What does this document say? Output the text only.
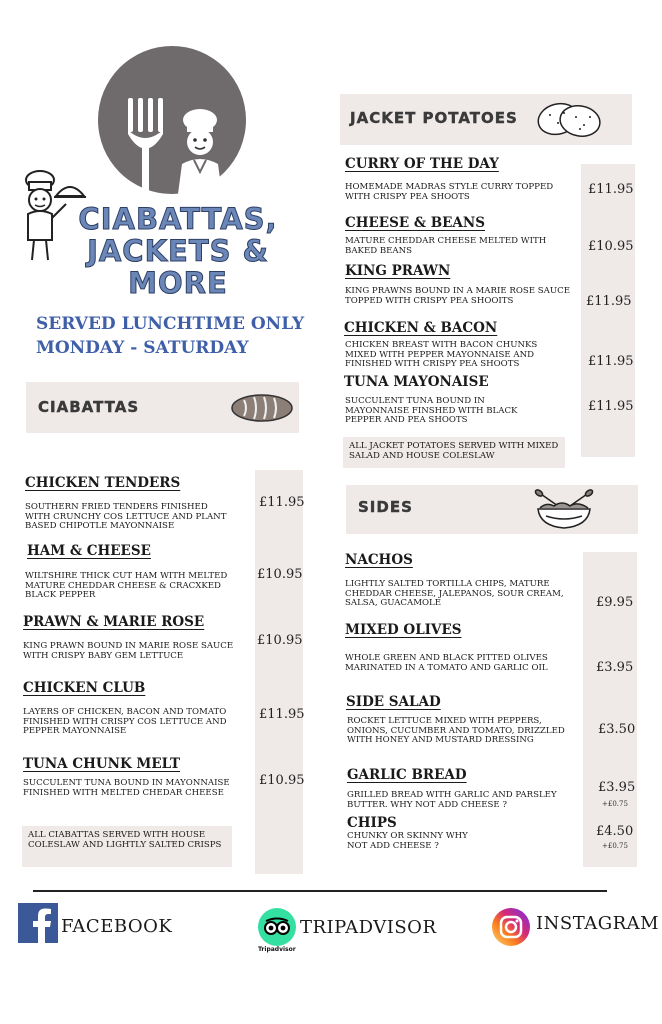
CIABATTAS,
JACKETS &
MORE
SERVED LUNCHTIME ONLY
MONDAY - SATURDAY
CIABATTAS
CHICKEN TENDERS
SOUTHERN FRIED TENDERS FINISHED WITH CRUNCHY COS LETTUCE AND PLANT BASED CHIPOTLE MAYONNAISE
£11.95
HAM & CHEESE
WILTSHIRE THICK CUT HAM WITH MELTED MATURE CHEDDAR CHEESE & CRACXKED BLACK PEPPER
£10.95
PRAWN & MARIE ROSE
KING PRAWN BOUND IN MARIE ROSE SAUCE WITH CRISPY BABY GEM LETTUCE
£10.95
CHICKEN CLUB
LAYERS OF CHICKEN, BACON AND TOMATO FINISHED WITH CRISPY COS LETTUCE AND PEPPER MAYONNAISE
£11.95
TUNA CHUNK MELT
SUCCULENT TUNA BOUND IN MAYONNAISE FINISHED WITH MELTED CHEDAR CHEESE
£10.95
ALL CIABATTAS SERVED WITH HOUSE COLESLAW AND LIGHTLY SALTED CRISPS
JACKET POTATOES
CURRY OF THE DAY
HOMEMADE MADRAS STYLE CURRY TOPPED WITH CRISPY PEA SHOOTS	£11.95
CHEESE & BEANS
MATURE CHEDDAR CHEESE MELTED WITH BAKED BEANS	£10.95
KING PRAWN
KING PRAWNS BOUND IN A MARIE ROSE SAUCE TOPPED WITH CRISPY PEA SHOOITS	£11.95
CHICKEN & BACON
CHICKEN BREAST WITH BACON CHUNKS MIXED WITH PEPPER MAYONNAISE AND FINISHED WITH CRISPY PEA SHOOTS	£11.95
TUNA MAYONAISE
SUCCULENT TUNA BOUND IN MAYONNAISE FINSHED WITH BLACK PEPPER AND PEA SHOOTS
£11.95
ALL JACKET POTATOES SERVED WITH MIXED SALAD AND HOUSE COLESLAW
SIDES
NACHOS
LIGHTLY SALTED TORTILLA CHIPS, MATURE CHEDDAR CHEESE, JALEPANOS, SOUR CREAM, SALSA, GUACAMOLE	£9.95
MIXED OLIVES
WHOLE GREEN AND BLACK PITTED OLIVES MARINATED IN A TOMATO AND GARLIC OIL	£3.95
SIDE SALAD
ROCKET LETTUCE MIXED WITH PEPPERS, ONIONS, CUCUMBER AND TOMATO, DRIZZLED WITH HONEY AND MUSTARD DRESSING
£3.50
GARLIC BREAD
GRILLED BREAD WITH GARLIC AND PARSLEY BUTTER. WHY NOT ADD CHEESE ?
£3.95
+£0.75
CHIPS
CHUNKY OR SKINNY WHY NOT ADD CHEESE ?
£4.50
+£0.75
FACEBOOK
Tripadvisor
TRIPADVISOR	INSTAGRAM
